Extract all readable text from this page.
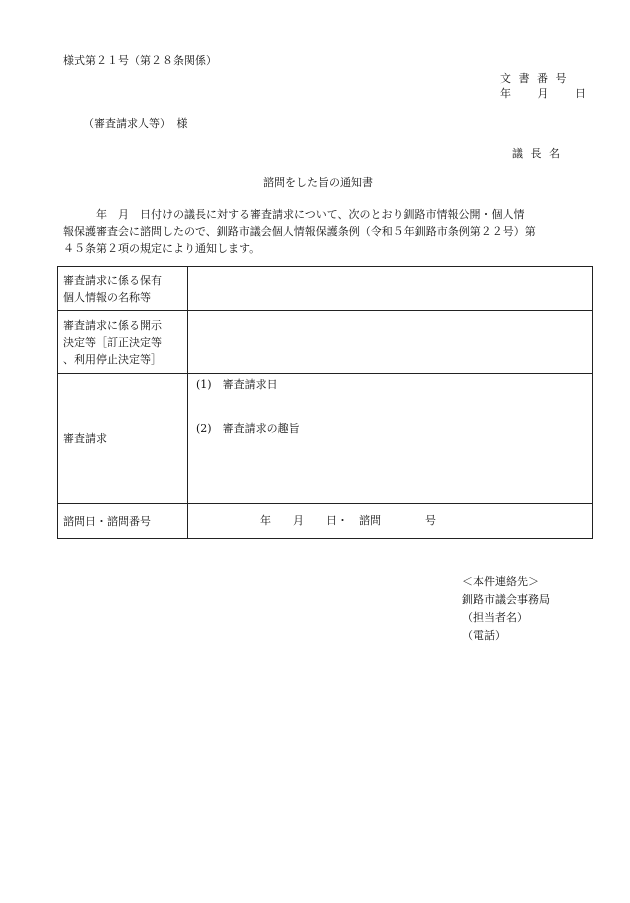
様式第２１号（第２８条関係）
文 書 番 号
年　 月　 日
（審査請求人等）　様
議 長 名
諮問をした旨の通知書
　　　年　月　日付けの議長に対する審査請求について、次のとおり釧路市情報公開・個人情
報保護審査会に諮問したので、釧路市議会個人情報保護条例（令和５年釧路市条例第２２号）第
４５条第２項の規定により通知します。
審査請求に係る保有
個人情報の名称等	

審査請求に係る開示
決定等［訂正決定等
、利用停止決定等］	

審査請求	(1)　審査請求日
(2)　審査請求の趣旨

諮問日・諮問番号	年　　月　　日・　諮問　　　　号
＜本件連絡先＞
釧路市議会事務局
（担当者名）
（電話）
